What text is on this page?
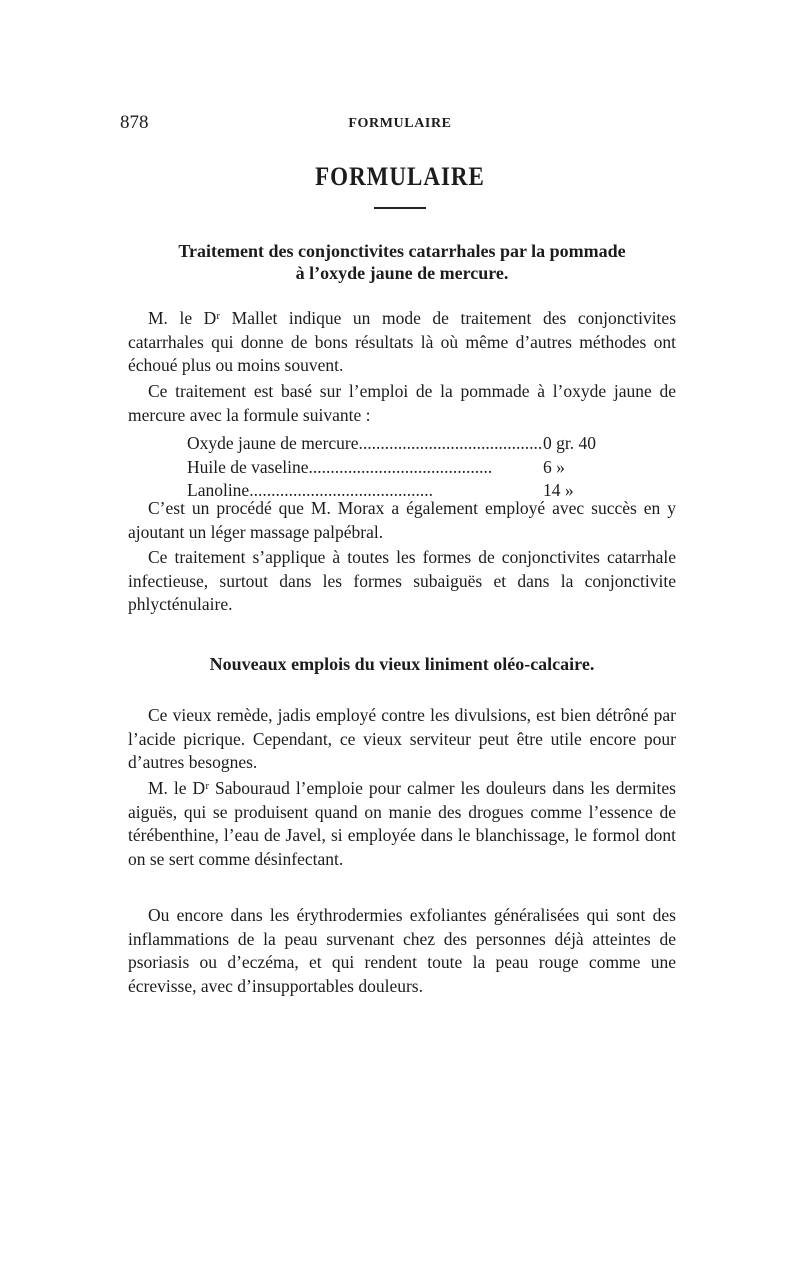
878	FORMULAIRE
FORMULAIRE
Traitement des conjonctivites catarrhales par la pommade
à l’oxyde jaune de mercure.
M. le Dʳ Mallet indique un mode de traitement des conjonctivites catarrhales qui donne de bons résultats là où même d’autres méthodes ont échoué plus ou moins souvent.
Ce traitement est basé sur l’emploi de la pommade à l’oxyde jaune de mercure avec la formule suivante :
Oxyde jaune de mercure.......................................... 0 gr. 40
Huile de vaseline..........................................	6 »
Lanoline..........................................	14 »
C’est un procédé que M. Morax a également employé avec succès en y ajoutant un léger massage palpébral.
Ce traitement s’applique à toutes les formes de conjonctivites catarrhale infectieuse, surtout dans les formes subaiguës et dans la conjonctivite phlycténulaire.
Nouveaux emplois du vieux liniment oléo-calcaire.
Ce vieux remède, jadis employé contre les divulsions, est bien détrôné par l’acide picrique. Cependant, ce vieux serviteur peut être utile encore pour d’autres besognes.
M. le Dʳ Sabouraud l’emploie pour calmer les douleurs dans les dermites aiguës, qui se produisent quand on manie des drogues comme l’essence de térébenthine, l’eau de Javel, si employée dans le blanchissage, le formol dont on se sert comme désinfectant.
Ou encore dans les érythrodermies exfoliantes généralisées qui sont des inflammations de la peau survenant chez des personnes déjà atteintes de psoriasis ou d’eczéma, et qui rendent toute la peau rouge comme une écrevisse, avec d’insupportables douleurs.
